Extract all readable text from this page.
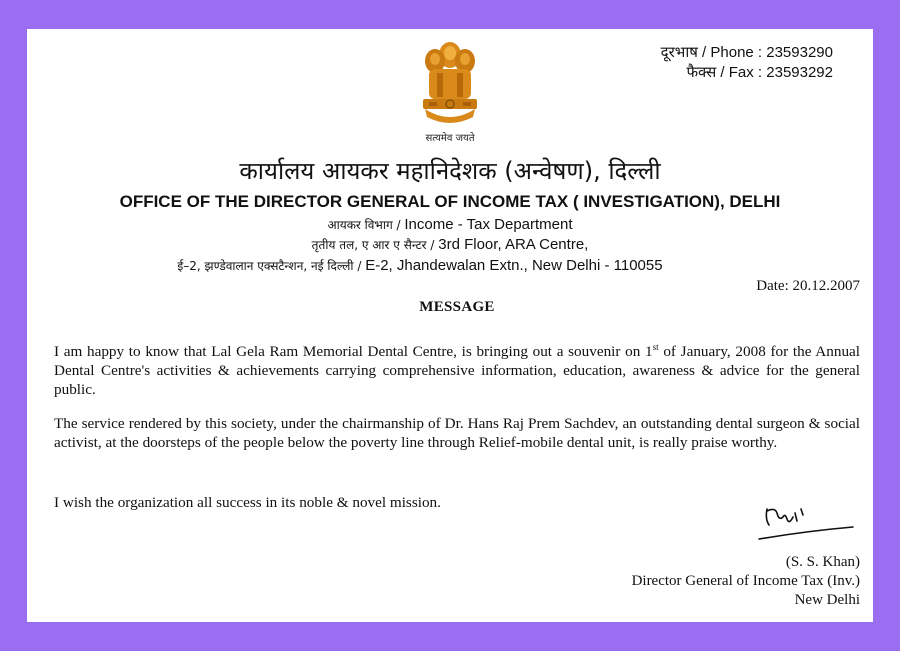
सत्यमेव जयते
दूरभाष / Phone : 23593290
फैक्स / Fax : 23593292
कार्यालय आयकर महानिदेशक (अन्वेषण), दिल्ली
OFFICE OF THE DIRECTOR GENERAL OF INCOME TAX ( INVESTIGATION), DELHI
आयकर विभाग / Income - Tax Department
तृतीय तल, ए आर ए सैन्टर / 3rd Floor, ARA Centre,
ई–2, झण्डेवालान एक्सटैन्शन, नई दिल्ली / E-2, Jhandewalan Extn., New Delhi - 110055
Date: 20.12.2007
MESSAGE

I am happy to know that Lal Gela Ram Memorial Dental Centre, is bringing out a souvenir on 1st of January, 2008 for the Annual Dental Centre's activities & achievements carrying comprehensive information, education, awareness & advice for the general public.

The service rendered by this society, under the chairmanship of Dr. Hans Raj Prem Sachdev, an outstanding dental surgeon & social activist, at the doorsteps of the people below the poverty line through Relief-mobile dental unit, is really praise worthy.

I wish the organization all success in its noble & novel mission.

(S. S. Khan)
Director General of Income Tax (Inv.)
New Delhi
